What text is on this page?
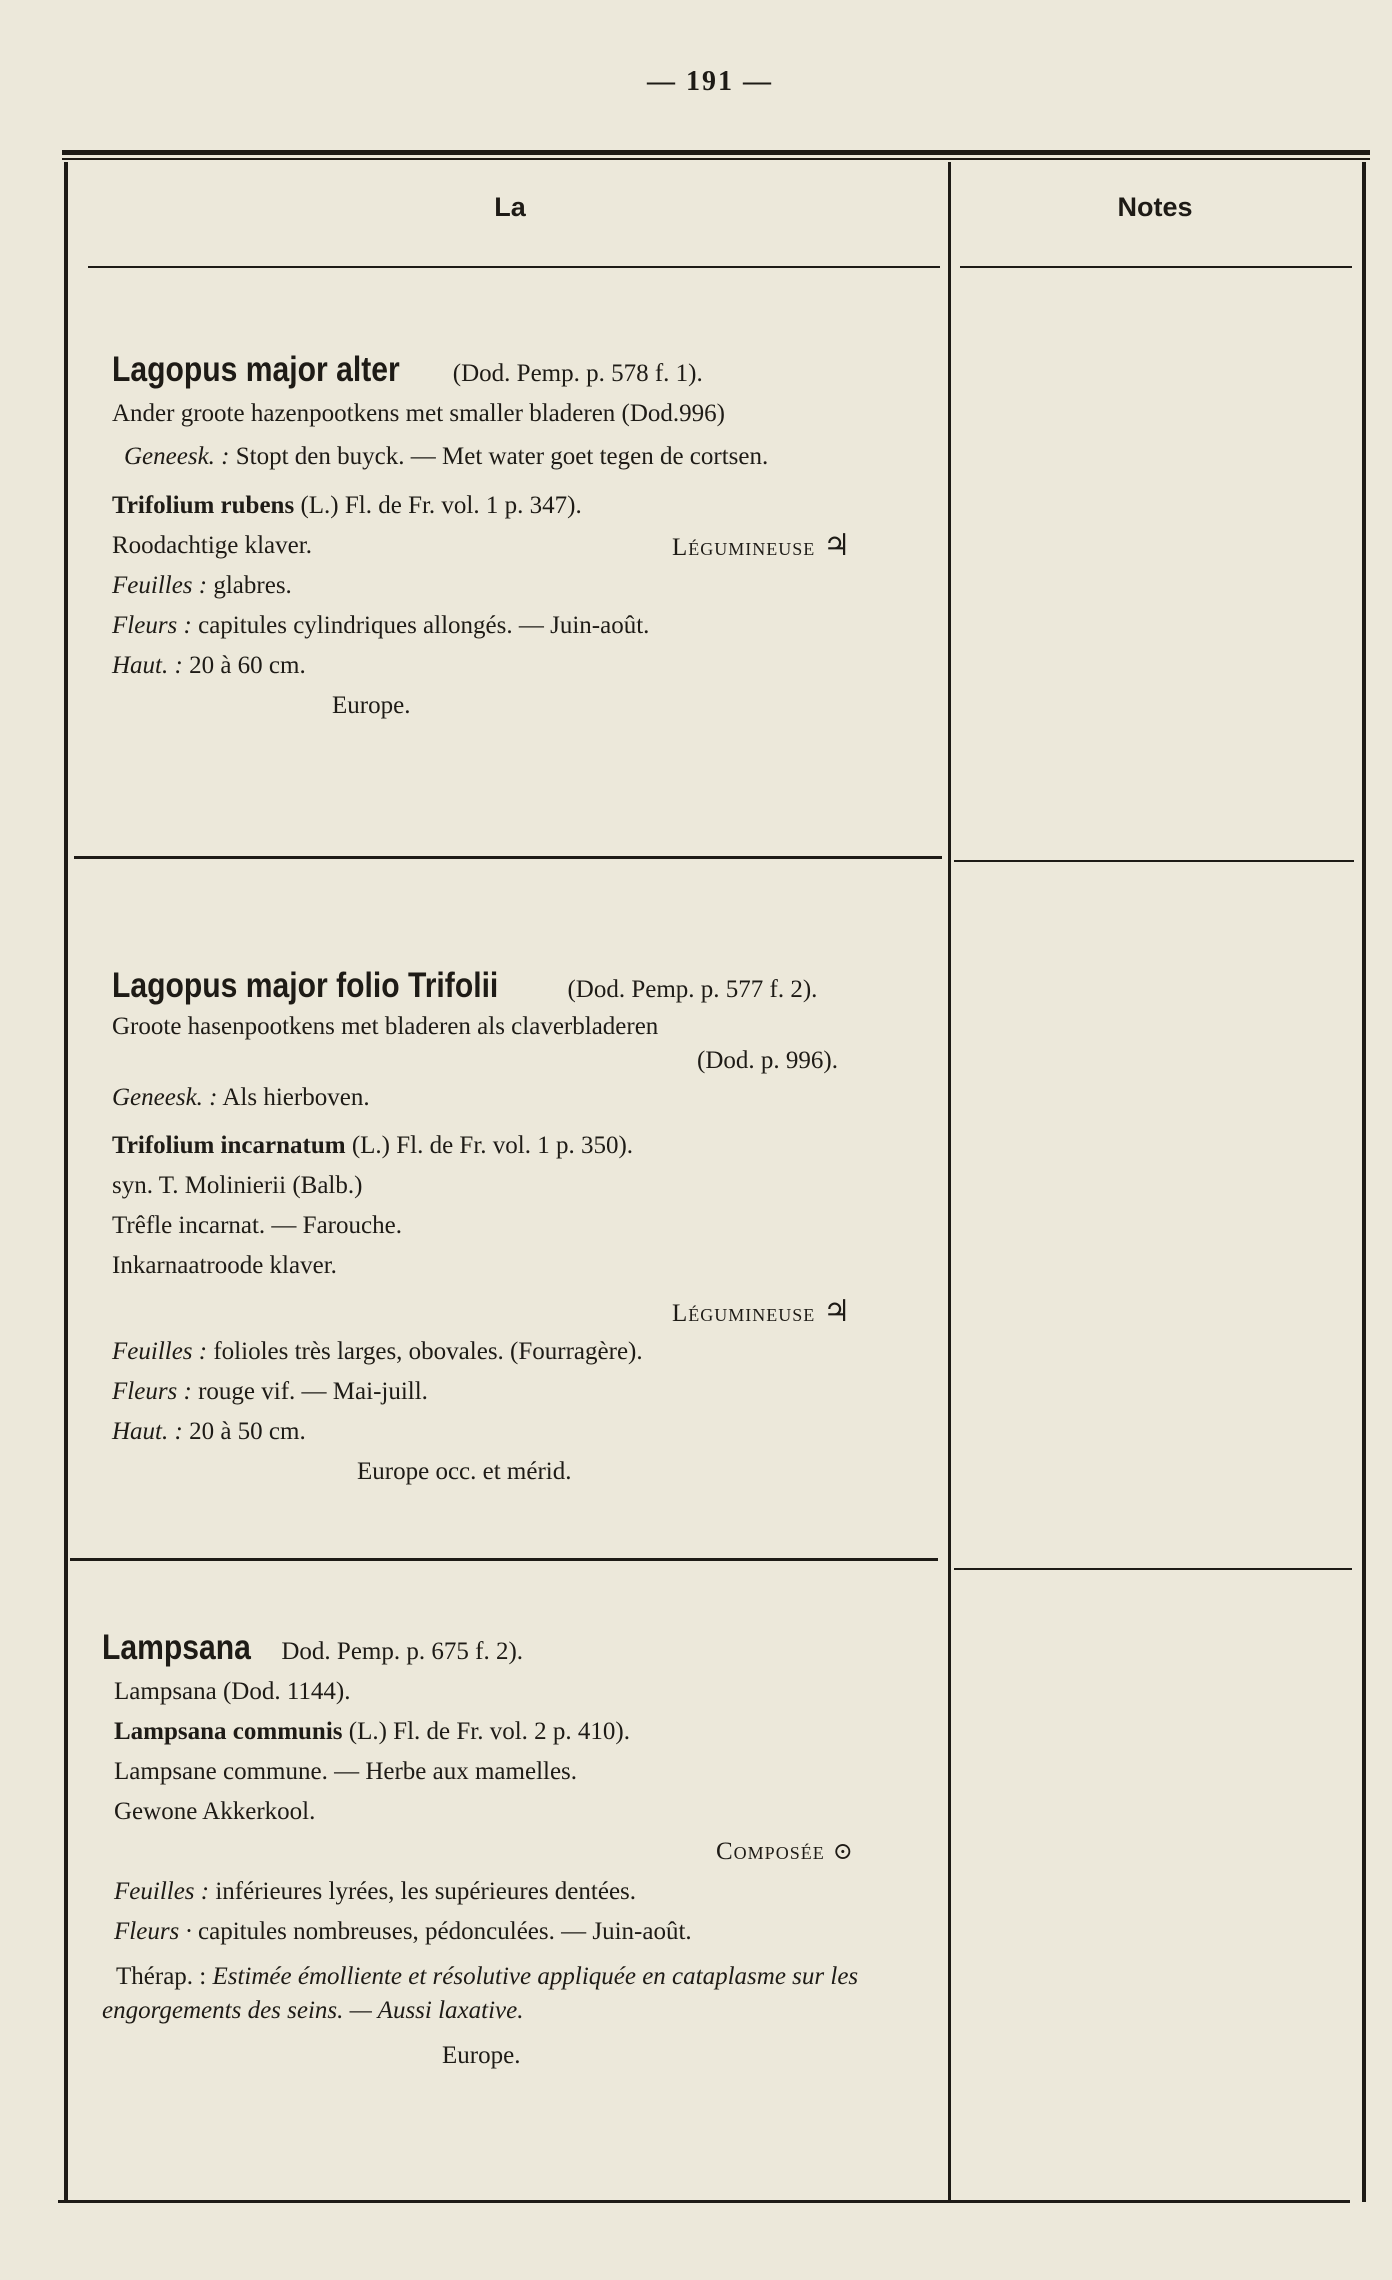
— 191 —
La	Notes

Lagopus major alter (Dod. Pemp. p. 578 f. 1).

Ander groote hazenpootkens met smaller bladeren (Dod.996)

Geneesk. : Stopt den buyck. — Met water goet tegen de cortsen.

Trifolium rubens (L.) Fl. de Fr. vol. 1 p. 347).

Roodachtige klaver.	Légumineuse ♃

Feuilles : glabres.

Fleurs : capitules cylindriques allongés. — Juin-août.

Haut. : 20 à 60 cm.

Europe.

Lagopus major folio Trifolii	(Dod. Pemp. p. 577 f. 2).

Groote hasenpootkens met bladeren als claverbladeren

(Dod. p. 996).

Geneesk. : Als hierboven.

Trifolium incarnatum (L.) Fl. de Fr. vol. 1 p. 350).

syn. T. Molinierii (Balb.)

Trêfle incarnat. — Farouche.

Inkarnaatroode klaver.

Légumineuse ♃

Feuilles : folioles très larges, obovales. (Fourragère).

Fleurs : rouge vif. — Mai-juill.

Haut. : 20 à 50 cm.

Europe occ. et mérid.

Lampsana Dod. Pemp. p. 675 f. 2).

Lampsana (Dod. 1144).

Lampsana communis (L.) Fl. de Fr. vol. 2 p. 410).

Lampsane commune. — Herbe aux mamelles.

Gewone Akkerkool.

Composée ⊙

Feuilles : inférieures lyrées, les supérieures dentées.

Fleurs · capitules nombreuses, pédonculées. — Juin-août.

Thérap. : Estimée émolliente et résolutive appliquée en cataplasme sur les engorgements des seins. — Aussi laxative.

Europe.
